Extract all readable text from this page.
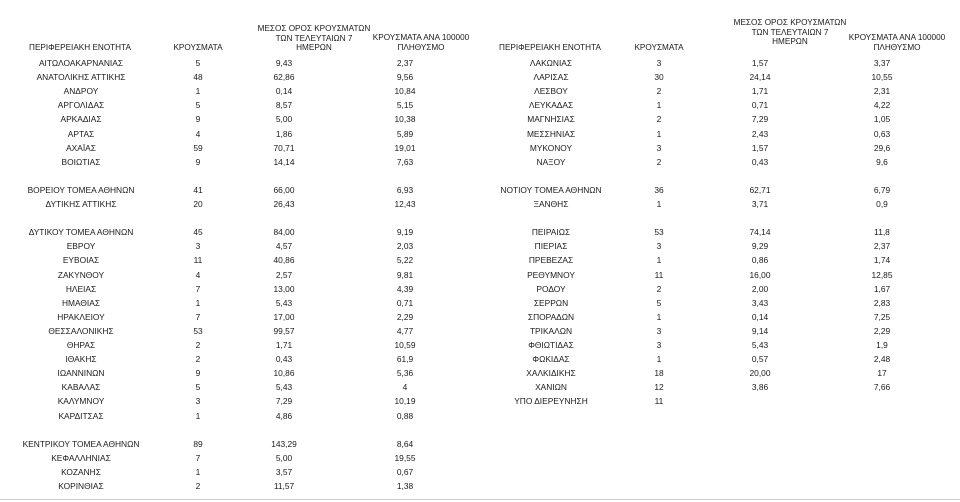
ΠΕΡΙΦΕΡΕΙΑΚΗ ΕΝΟΤΗΤΑ	ΚΡΟΥΣΜΑΤΑ
ΜΕΣΟΣ ΟΡΟΣ ΚΡΟΥΣΜΑΤΩΝ
ΤΩΝ ΤΕΛΕΥΤΑΙΩΝ 7
ΗΜΕΡΩΝ
ΚΡΟΥΣΜΑΤΑ ΑΝΑ 100000
ΠΛΗΘΥΣΜΟ	ΠΕΡΙΦΕΡΕΙΑΚΗ ΕΝΟΤΗΤΑ	ΚΡΟΥΣΜΑΤΑ
ΜΕΣΟΣ ΟΡΟΣ ΚΡΟΥΣΜΑΤΩΝ
ΤΩΝ ΤΕΛΕΥΤΑΙΩΝ 7
ΗΜΕΡΩΝ	ΚΡΟΥΣΜΑΤΑ ΑΝΑ 100000
ΠΛΗΘΥΣΜΟ
ΑΙΤΩΛΟΑΚΑΡΝΑΝΙΑΣ	5	9,43	2,37
ΑΝΑΤΟΛΙΚΗΣ ΑΤΤΙΚΗΣ	48	62,86	9,56
ΑΝΔΡΟΥ	1	0,14	10,84
ΑΡΓΟΛΙΔΑΣ	5	8,57	5,15
ΑΡΚΑΔΙΑΣ	9	5,00	10,38
ΑΡΤΑΣ	4	1,86	5,89
ΑΧΑΪΑΣ	59	70,71	19,01
ΒΟΙΩΤΙΑΣ	9	14,14	7,63
ΒΟΡΕΙΟΥ ΤΟΜΕΑ ΑΘΗΝΩΝ	41	66,00	6,93
ΔΥΤΙΚΗΣ ΑΤΤΙΚΗΣ	20	26,43	12,43
ΔΥΤΙΚΟΥ ΤΟΜΕΑ ΑΘΗΝΩΝ	45	84,00	9,19
ΕΒΡΟΥ	3	4,57	2,03
ΕΥΒΟΙΑΣ	11	40,86	5,22
ΖΑΚΥΝΘΟΥ	4	2,57	9,81
ΗΛΕΙΑΣ	7	13,00	4,39
ΗΜΑΘΙΑΣ	1	5,43	0,71
ΗΡΑΚΛΕΙΟΥ	7	17,00	2,29
ΘΕΣΣΑΛΟΝΙΚΗΣ	53	99,57	4,77
ΘΗΡΑΣ	2	1,71	10,59
ΙΘΑΚΗΣ	2	0,43	61,9
ΙΩΑΝΝΙΝΩΝ	9	10,86	5,36
ΚΑΒΑΛΑΣ	5	5,43	4
ΚΑΛΥΜΝΟΥ	3	7,29	10,19
ΚΑΡΔΙΤΣΑΣ	1	4,86	0,88
ΚΕΝΤΡΙΚΟΥ ΤΟΜΕΑ ΑΘΗΝΩΝ	89	143,29	8,64
ΚΕΦΑΛΛΗΝΙΑΣ	7	5,00	19,55
ΚΟΖΑΝΗΣ	1	3,57	0,67
ΚΟΡΙΝΘΙΑΣ	2	11,57	1,38
ΛΑΚΩΝΙΑΣ	3	1,57	3,37
ΛΑΡΙΣΑΣ	30	24,14	10,55
ΛΕΣΒΟΥ	2	1,71	2,31
ΛΕΥΚΑΔΑΣ	1	0,71	4,22
ΜΑΓΝΗΣΙΑΣ	2	7,29	1,05
ΜΕΣΣΗΝΙΑΣ	1	2,43	0,63
ΜΥΚΟΝΟΥ	3	1,57	29,6
ΝΑΞΟΥ	2	0,43	9,6
ΝΟΤΙΟΥ ΤΟΜΕΑ ΑΘΗΝΩΝ	36	62,71	6,79
ΞΑΝΘΗΣ	1	3,71	0,9
ΠΕΙΡΑΙΩΣ	53	74,14	11,8
ΠΙΕΡΙΑΣ	3	9,29	2,37
ΠΡΕΒΕΖΑΣ	1	0,86	1,74
ΡΕΘΥΜΝΟΥ	11	16,00	12,85
ΡΟΔΟΥ	2	2,00	1,67
ΣΕΡΡΩΝ	5	3,43	2,83
ΣΠΟΡΑΔΩΝ	1	0,14	7,25
ΤΡΙΚΑΛΩΝ	3	9,14	2,29
ΦΘΙΩΤΙΔΑΣ	3	5,43	1,9
ΦΩΚΙΔΑΣ	1	0,57	2,48
ΧΑΛΚΙΔΙΚΗΣ	18	20,00	17
ΧΑΝΙΩΝ	12	3,86	7,66
ΥΠΟ ΔΙΕΡΕΥΝΗΣΗ	11
